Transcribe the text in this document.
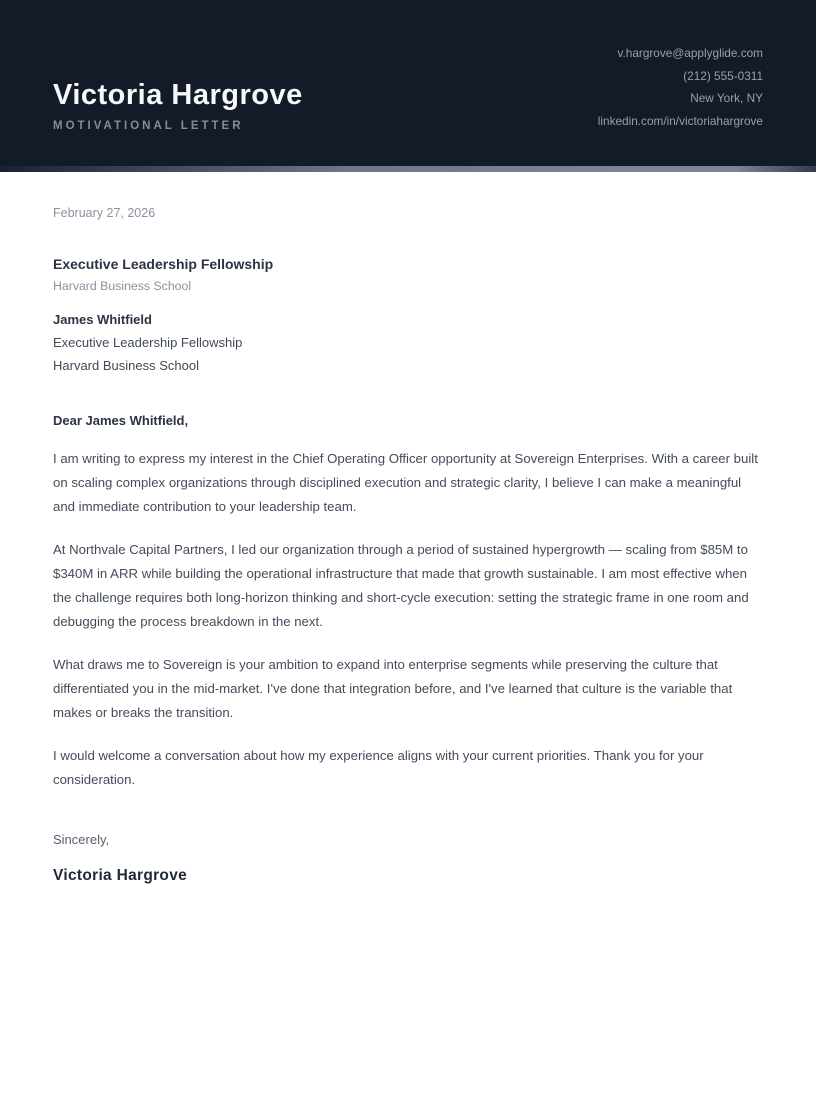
Victoria Hargrove
MOTIVATIONAL LETTER
v.hargrove@applyglide.com
(212) 555-0311
New York, NY
linkedin.com/in/victoriahargrove
February 27, 2026
Executive Leadership Fellowship
Harvard Business School
James Whitfield
Executive Leadership Fellowship
Harvard Business School
Dear James Whitfield,

I am writing to express my interest in the Chief Operating Officer opportunity at Sovereign Enterprises. With a career built on scaling complex organizations through disciplined execution and strategic clarity, I believe I can make a meaningful and immediate contribution to your leadership team.

At Northvale Capital Partners, I led our organization through a period of sustained hypergrowth — scaling from $85M to $340M in ARR while building the operational infrastructure that made that growth sustainable. I am most effective when the challenge requires both long-horizon thinking and short-cycle execution: setting the strategic frame in one room and debugging the process breakdown in the next.

What draws me to Sovereign is your ambition to expand into enterprise segments while preserving the culture that differentiated you in the mid-market. I've done that integration before, and I've learned that culture is the variable that makes or breaks the transition.

I would welcome a conversation about how my experience aligns with your current priorities. Thank you for your consideration.

Sincerely,
Victoria Hargrove
